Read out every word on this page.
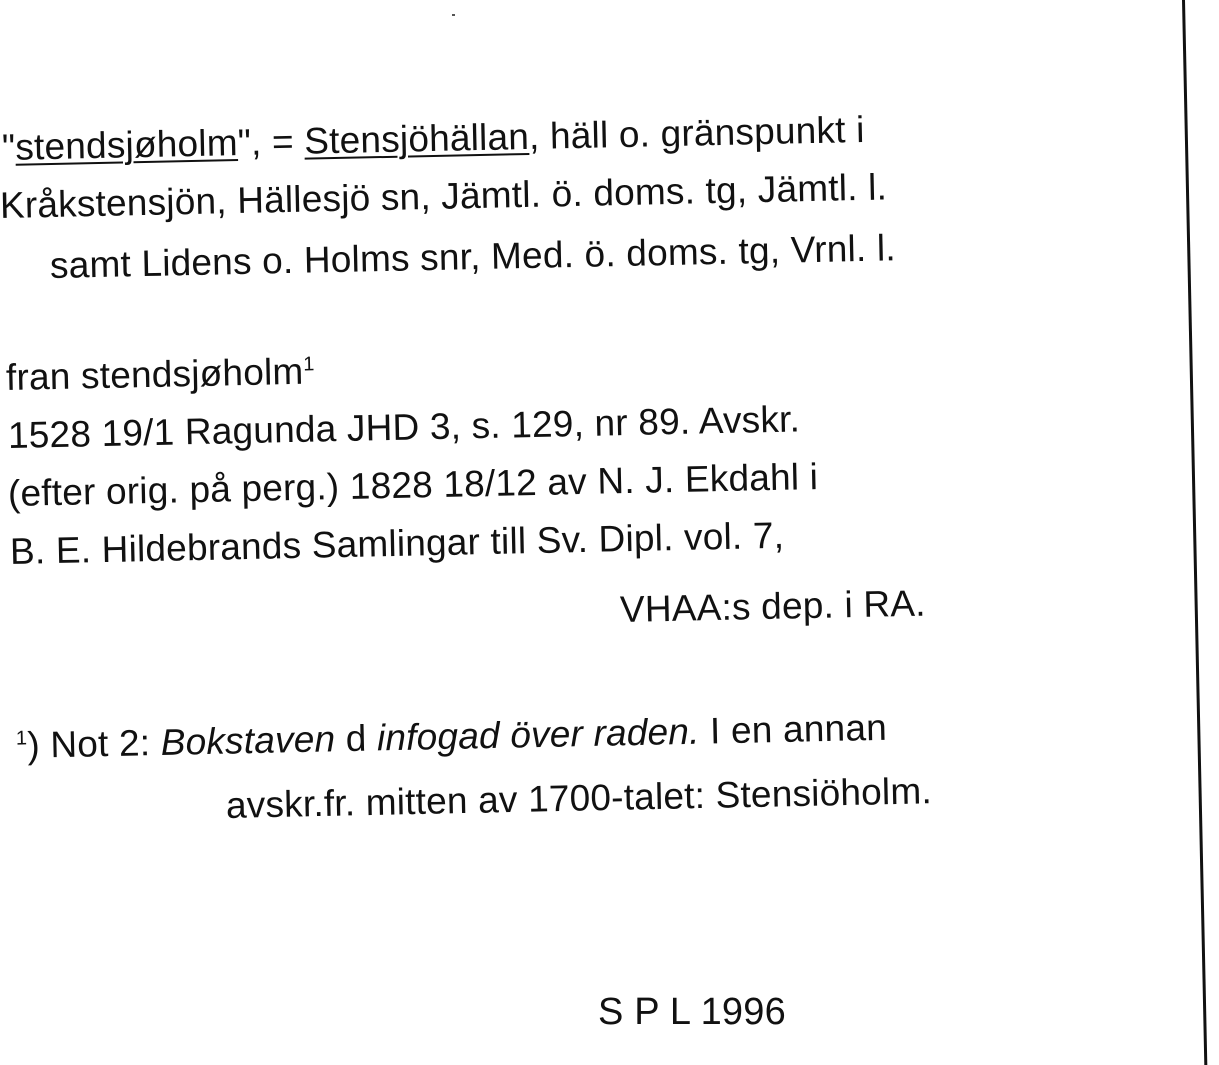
"stendsjøholm", = Stensjöhällan, häll o. gränspunkt i
Kråkstensjön, Hällesjö sn, Jämtl. ö. doms. tg, Jämtl. l.
samt Lidens o. Holms snr, Med. ö. doms. tg, Vrnl. l.
fran stendsjøholm$^1$
1528 19/1 Ragunda JHD 3, s. 129, nr 89. Avskr.
(efter orig. på perg.) 1828 18/12 av N. J. Ekdahl i
B. E. Hildebrands Samlingar till Sv. Dipl. vol. 7,
VHAA:s dep. i RA.
$^1$) Not 2: Bokstaven d infogad över raden. I en annan
avskr.fr. mitten av 1700-talet: Stensiöholm.
S P L 1996
